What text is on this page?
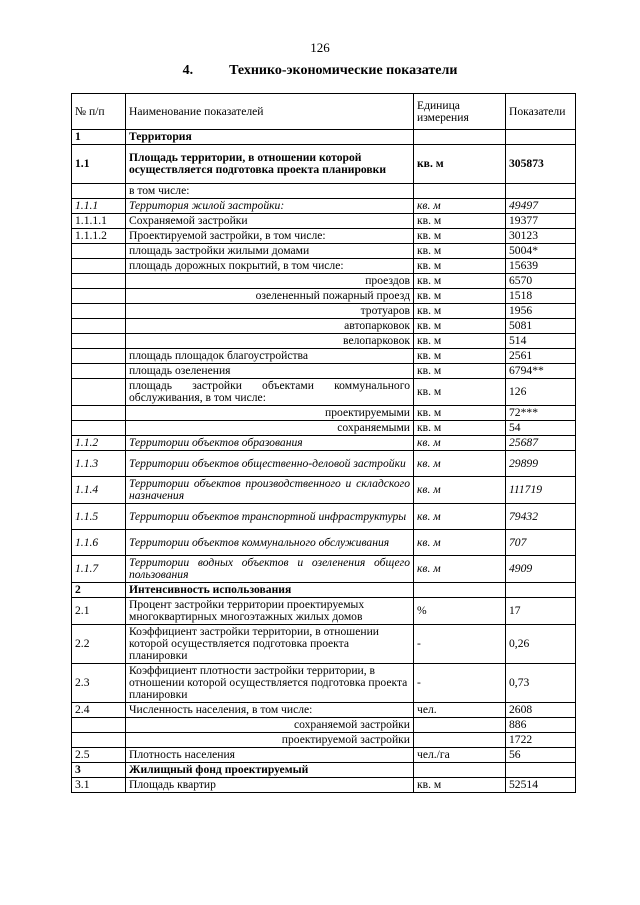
126
4.	Технико-экономические показатели
№ п/п	Наименование показателей	Единица измерения	Показатели
1	Территория		
1.1	Площадь территории, в отношении которой осуществляется подготовка проекта планировки	кв. м	305873
	в том числе:		
1.1.1	Территория жилой застройки:	кв. м	49497
1.1.1.1	Сохраняемой застройки	кв. м	19377
1.1.1.2	Проектируемой застройки, в том числе:	кв. м	30123
	площадь застройки жилыми домами	кв. м	5004*
	площадь дорожных покрытий, в том числе:	кв. м	15639
	проездов	кв. м	6570
	озелененный пожарный проезд	кв. м	1518
	тротуаров	кв. м	1956
	автопарковок	кв. м	5081
	велопарковок	кв. м	514
	площадь площадок благоустройства	кв. м	2561
	площадь озеленения	кв. м	6794**
	площадь застройки объектами коммунального обслуживания, в том числе:	кв. м	126
	проектируемыми	кв. м	72***
	сохраняемыми	кв. м	54
1.1.2	Территории объектов образования	кв. м	25687
1.1.3	Территории объектов общественно-деловой застройки	кв. м	29899
1.1.4	Территории объектов производственного и складского назначения	кв. м	111719
1.1.5	Территории объектов транспортной инфраструктуры	кв. м	79432
1.1.6	Территории объектов коммунального обслуживания	кв. м	707
1.1.7	Территории водных объектов и озеленения общего пользования	кв. м	4909
2	Интенсивность использования		
2.1	Процент застройки территории проектируемых многоквартирных многоэтажных жилых домов	%	17
2.2	Коэффициент застройки территории, в отношении которой осуществляется подготовка проекта планировки	-	0,26
2.3	Коэффициент плотности застройки территории, в отношении которой осуществляется подготовка проекта планировки	-	0,73
2.4	Численность населения, в том числе:	чел.	2608
	сохраняемой застройки		886
	проектируемой застройки		1722
2.5	Плотность населения	чел./га	56
3	Жилищный фонд проектируемый		
3.1	Площадь квартир	кв. м	52514
